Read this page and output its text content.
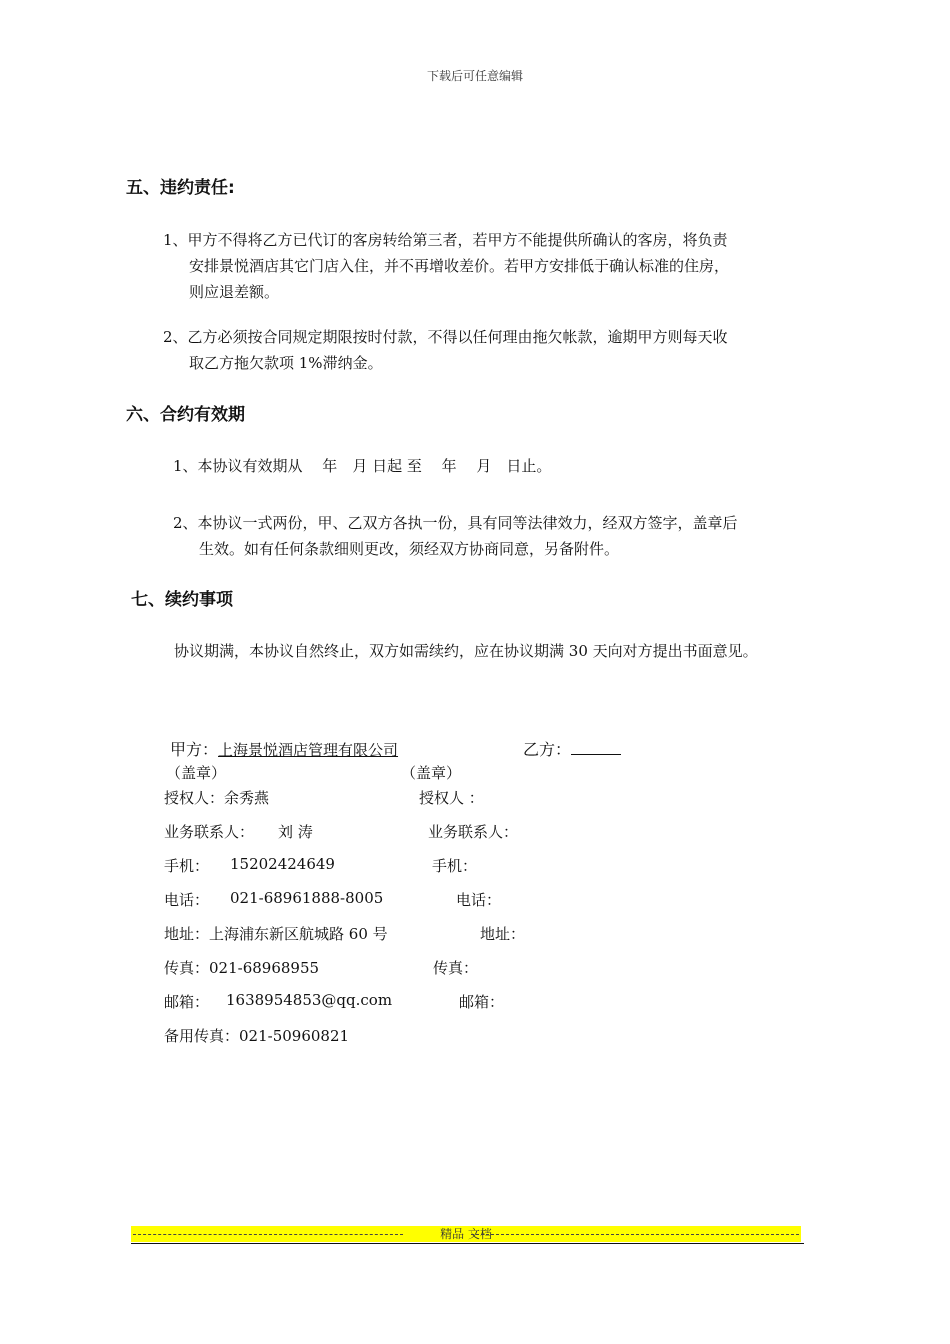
下载后可任意编辑
五、违约责任:
1、甲方不得将乙方已代订的客房转给第三者，若甲方不能提供所确认的客房，将负责
安排景悦酒店其它门店入住，并不再增收差价。若甲方安排低于确认标准的住房，
则应退差额。
2、乙方必须按合同规定期限按时付款，不得以任何理由拖欠帐款，逾期甲方则每天收
取乙方拖欠款项 1%滞纳金。
六、合约有效期
1、本协议有效期从　 年　月 日起 至　 年　 月　日止。
2、本协议一式两份，甲、乙双方各执一份，具有同等法律效力，经双方签字，盖章后
生效。如有任何条款细则更改，须经双方协商同意，另备附件。
七、续约事项
协议期满，本协议自然终止，双方如需续约，应在协议期满 30 天向对方提出书面意见。
甲方：上海景悦酒店管理有限公司	乙方：
（盖章）	（盖章）
授权人：余秀燕	授权人 ：
业务联系人： 刘 涛	业务联系人：
手机： 15202424649	手机：
电话： 021-68961888-8005	电话：
地址：上海浦东新区航城路 60 号	地址：
传真：021-68968955	传真：
邮箱： 1638954853@qq.com	邮箱：
备用传真：021-50960821
精品 文档
